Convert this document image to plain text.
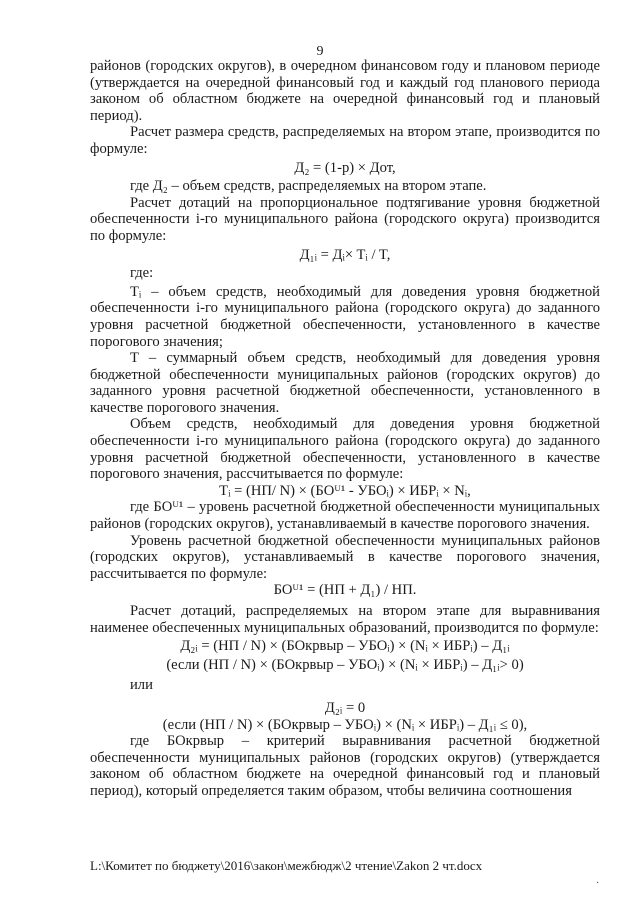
9

районов (городских округов), в очередном финансовом году и плановом периоде (утверждается на очередной финансовый год и каждый год планового периода законом об областном бюджете на очередной финансовый год и плановый период).

Расчет размера средств, распределяемых на втором этапе, производится по формуле:

Д₂ = (1-р) × Дот,

где Д₂ – объем средств, распределяемых на втором этапе.

Расчет дотаций на пропорциональное подтягивание уровня бюджетной обеспеченности i-го муниципального района (городского округа) производится по формуле:

Д₁ᵢ = Дᵢ× Tᵢ / T,

где:

Tᵢ – объем средств, необходимый для доведения уровня бюджетной обеспеченности i-го муниципального района (городского округа) до заданного уровня расчетной бюджетной обеспеченности, установленного в качестве порогового значения;

T – суммарный объем средств, необходимый для доведения уровня бюджетной обеспеченности муниципальных районов (городских округов) до заданного уровня расчетной бюджетной обеспеченности, установленного в качестве порогового значения.

Объем средств, необходимый для доведения уровня бюджетной обеспеченности i-го муниципального района (городского округа) до заданного уровня расчетной бюджетной обеспеченности, установленного в качестве порогового значения, рассчитывается по формуле:

Tᵢ = (НП/ N) × (БОᵁ¹ - УБОᵢ) × ИБРᵢ × Nᵢ,

где БОᵁ¹ – уровень расчетной бюджетной обеспеченности муниципальных районов (городских округов), устанавливаемый в качестве порогового значения.

Уровень расчетной бюджетной обеспеченности муниципальных районов (городских округов), устанавливаемый в качестве порогового значения, рассчитывается по формуле:

БОᵁ¹ = (НП + Д₁) / НП.

Расчет дотаций, распределяемых на втором этапе для выравнивания наименее обеспеченных муниципальных образований, производится по формуле:

Д₂ᵢ = (НП / N) × (БОкрвыр – УБОᵢ) × (Nᵢ × ИБРᵢ) – Д₁ᵢ

(если (НП / N) × (БОкрвыр – УБОᵢ) × (Nᵢ × ИБРᵢ) – Д₁ᵢ> 0)

или

Д₂ᵢ = 0

(если (НП / N) × (БОкрвыр – УБОᵢ) × (Nᵢ × ИБРᵢ) – Д₁ᵢ ≤ 0),

где БОкрвыр – критерий выравнивания расчетной бюджетной обеспеченности муниципальных районов (городских округов) (утверждается законом об областном бюджете на очередной финансовый год и плановый период), который определяется таким образом, чтобы величина соотношения

L:\Комитет по бюджету\2016\закон\межбюдж\2 чтение\Zakon 2 чт.docx
·
